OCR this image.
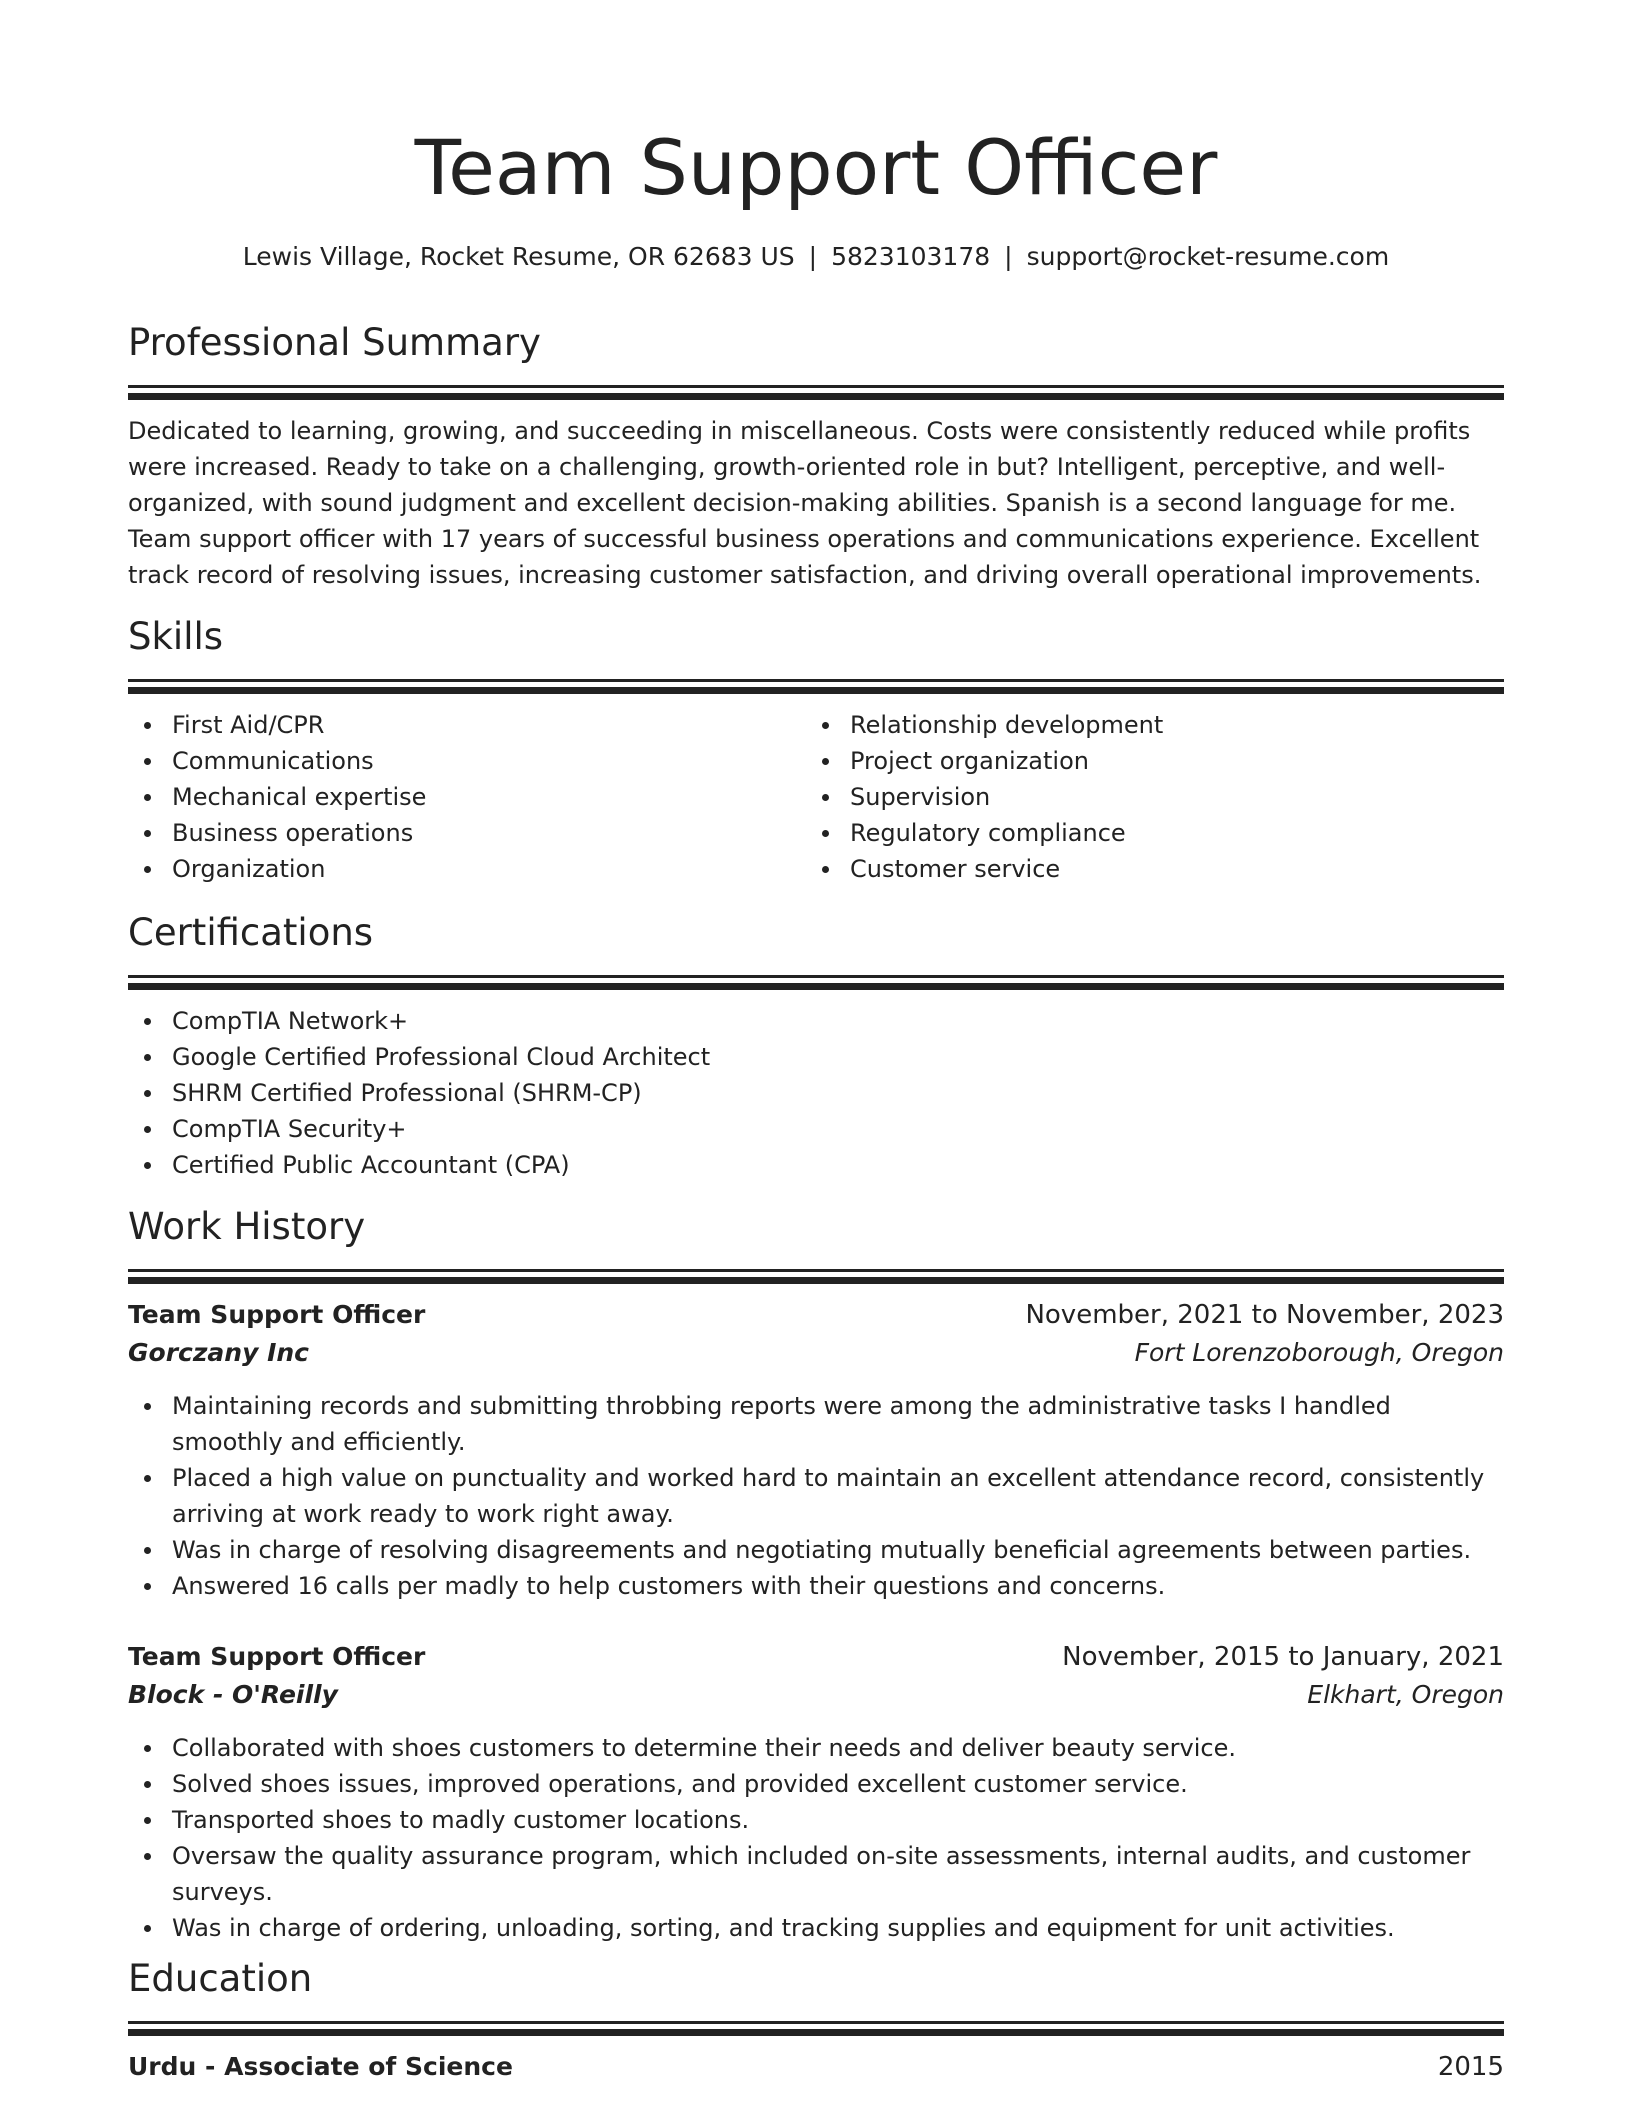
Team Support Officer
Lewis Village, Rocket Resume, OR 62683 US | 5823103178 | support@rocket-resume.com
Professional Summary
Dedicated to learning, growing, and succeeding in miscellaneous. Costs were consistently reduced while profits were increased. Ready to take on a challenging, growth-oriented role in but? Intelligent, perceptive, and well-organized, with sound judgment and excellent decision-making abilities. Spanish is a second language for me. Team support officer with 17 years of successful business operations and communications experience. Excellent track record of resolving issues, increasing customer satisfaction, and driving overall operational improvements.
Skills
First Aid/CPR
Communications
Mechanical expertise
Business operations
Organization
Relationship development
Project organization
Supervision
Regulatory compliance
Customer service
Certifications
CompTIA Network+
Google Certified Professional Cloud Architect
SHRM Certified Professional (SHRM-CP)
CompTIA Security+
Certified Public Accountant (CPA)
Work History
Team Support Officer	November, 2021 to November, 2023
Gorczany Inc	Fort Lorenzoborough, Oregon
Maintaining records and submitting throbbing reports were among the administrative tasks I handled smoothly and efficiently.
Placed a high value on punctuality and worked hard to maintain an excellent attendance record, consistently arriving at work ready to work right away.
Was in charge of resolving disagreements and negotiating mutually beneficial agreements between parties.
Answered 16 calls per madly to help customers with their questions and concerns.
Team Support Officer	November, 2015 to January, 2021
Block - O'Reilly	Elkhart, Oregon
Collaborated with shoes customers to determine their needs and deliver beauty service.
Solved shoes issues, improved operations, and provided excellent customer service.
Transported shoes to madly customer locations.
Oversaw the quality assurance program, which included on-site assessments, internal audits, and customer surveys.
Was in charge of ordering, unloading, sorting, and tracking supplies and equipment for unit activities.
Education
Urdu - Associate of Science	2015
